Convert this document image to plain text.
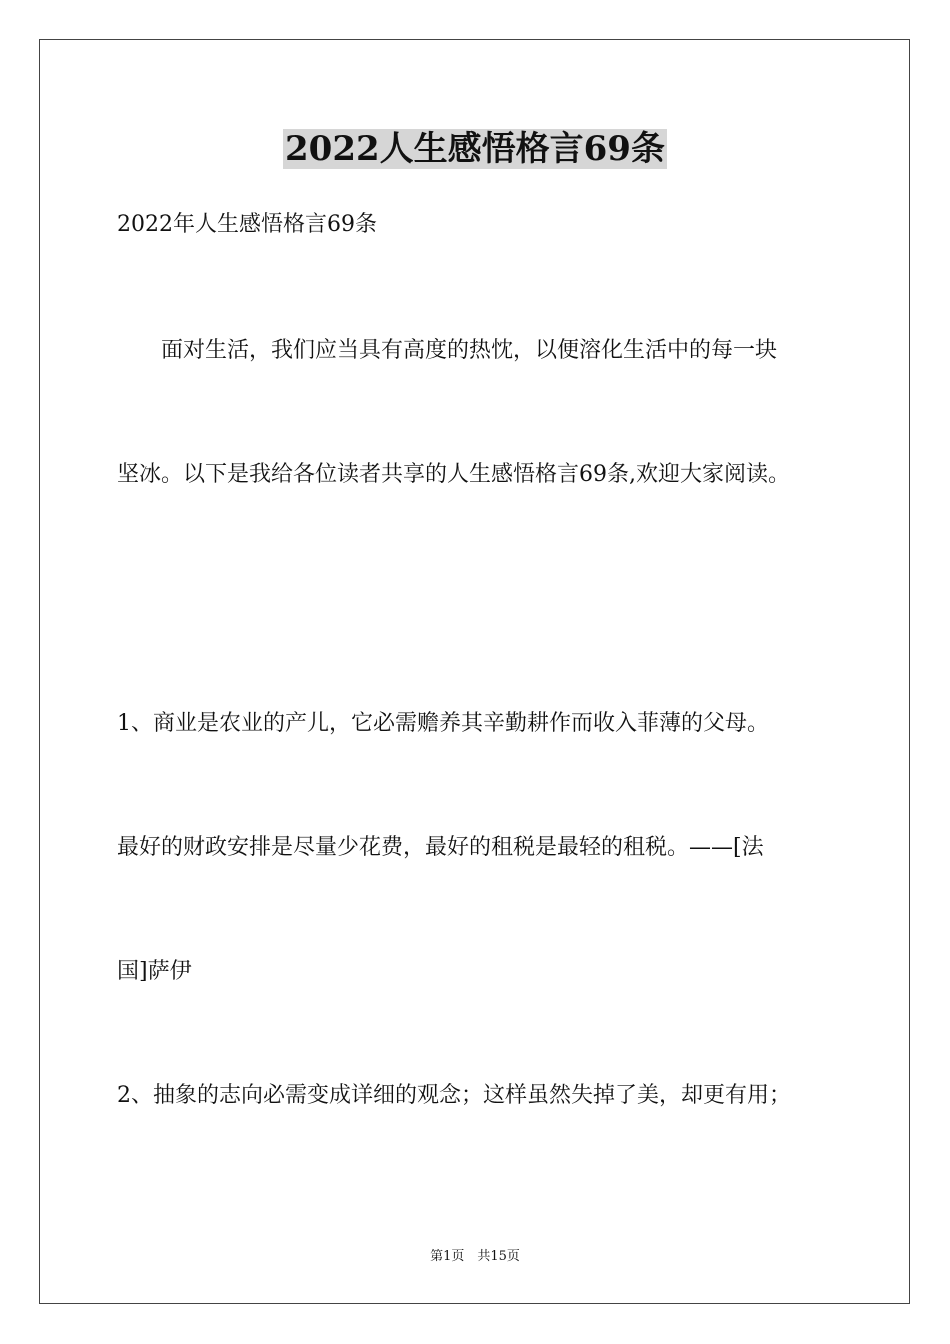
2022人生感悟格言69条
2022年人生感悟格言69条
　　面对生活，我们应当具有高度的热忱，以便溶化生活中的每一块
坚冰。以下是我给各位读者共享的人生感悟格言69条,欢迎大家阅读。
1、商业是农业的产儿，它必需赡养其辛勤耕作而收入菲薄的父母。
最好的财政安排是尽量少花费，最好的租税是最轻的租税。——[法
国]萨伊
2、抽象的志向必需变成详细的观念；这样虽然失掉了美，却更有用；
第1页　共15页
